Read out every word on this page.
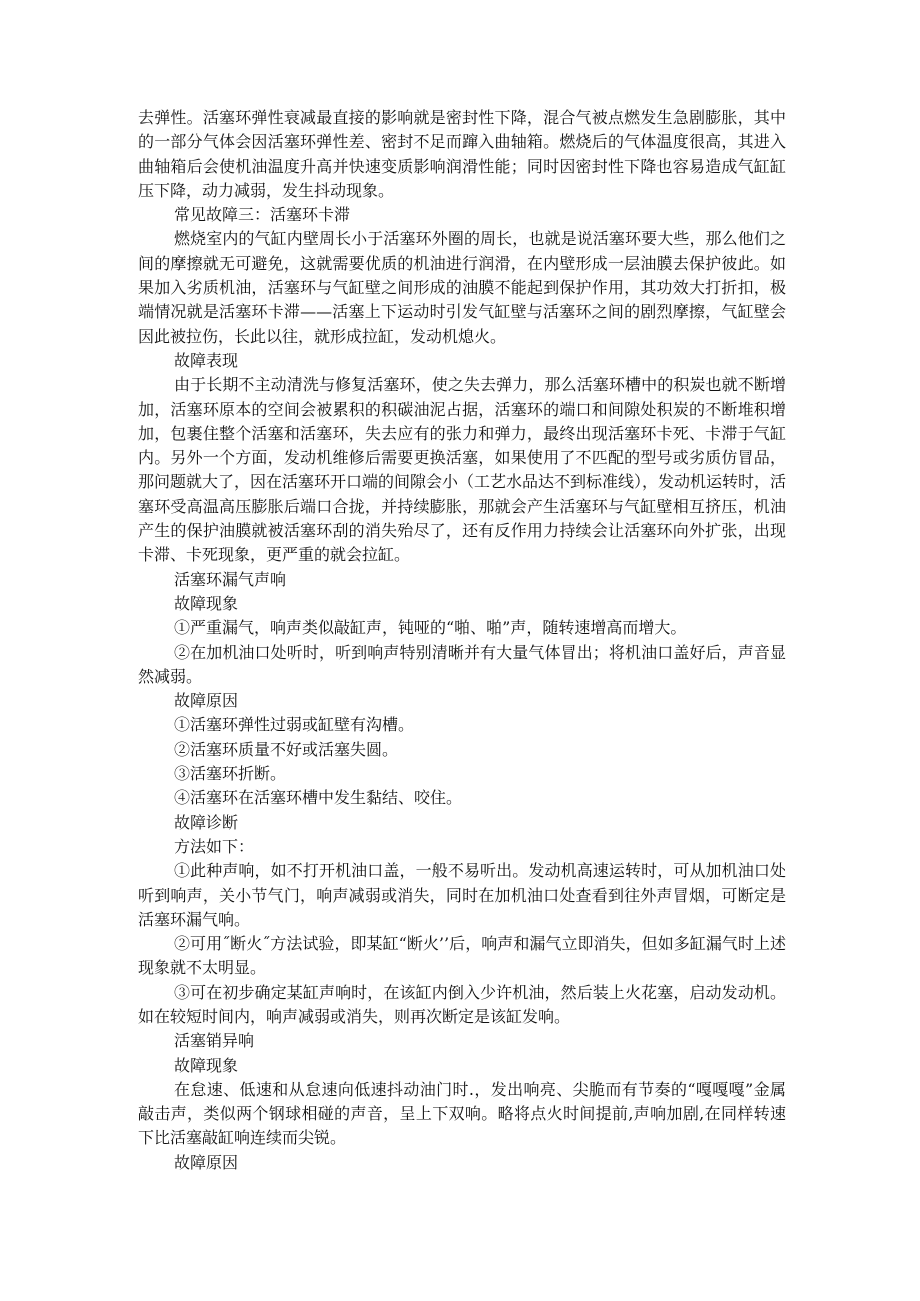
去弹性。活塞环弹性衰减最直接的影响就是密封性下降，混合气被点燃发生急剧膨胀，其中的一部分气体会因活塞环弹性差、密封不足而蹿入曲轴箱。燃烧后的气体温度很高，其进入曲轴箱后会使机油温度升高并快速变质影响润滑性能；同时因密封性下降也容易造成气缸缸压下降，动力减弱，发生抖动现象。

常见故障三：活塞环卡滞

燃烧室内的气缸内壁周长小于活塞环外圈的周长，也就是说活塞环要大些，那么他们之间的摩擦就无可避免，这就需要优质的机油进行润滑，在内壁形成一层油膜去保护彼此。如果加入劣质机油，活塞环与气缸壁之间形成的油膜不能起到保护作用，其功效大打折扣，极端情况就是活塞环卡滞——活塞上下运动时引发气缸壁与活塞环之间的剧烈摩擦，气缸壁会因此被拉伤，长此以往，就形成拉缸，发动机熄火。

故障表现

由于长期不主动清洗与修复活塞环，使之失去弹力，那么活塞环槽中的积炭也就不断增加，活塞环原本的空间会被累积的积碳油泥占据，活塞环的端口和间隙处积炭的不断堆积增加，包裹住整个活塞和活塞环，失去应有的张力和弹力，最终出现活塞环卡死、卡滞于气缸内。另外一个方面，发动机维修后需要更换活塞，如果使用了不匹配的型号或劣质仿冒品，那问题就大了，因在活塞环开口端的间隙会小（工艺水品达不到标准线），发动机运转时，活塞环受高温高压膨胀后端口合拢，并持续膨胀，那就会产生活塞环与气缸壁相互挤压，机油产生的保护油膜就被活塞环刮的消失殆尽了，还有反作用力持续会让活塞环向外扩张，出现卡滞、卡死现象，更严重的就会拉缸。

活塞环漏气声响

故障现象

①严重漏气，响声类似敲缸声，钝哑的“啪、啪”声，随转速增高而增大。

②在加机油口处听时，听到响声特别清晰并有大量气体冒出；将机油口盖好后，声音显然减弱。

故障原因

①活塞环弹性过弱或缸壁有沟槽。

②活塞环质量不好或活塞失圆。

③活塞环折断。

④活塞环在活塞环槽中发生黏结、咬住。

故障诊断

方法如下：

①此种声响，如不打开机油口盖，一般不易听出。发动机高速运转时，可从加机油口处听到响声，关小节气门，响声减弱或消失，同时在加机油口处查看到往外声冒烟，可断定是活塞环漏气响。

②可用˝断火˝方法试验，即某缸“断火’’后，响声和漏气立即消失，但如多缸漏气时上述现象就不太明显。

③可在初步确定某缸声响时，在该缸内倒入少许机油，然后装上火花塞，启动发动机。如在较短时间内，响声减弱或消失，则再次断定是该缸发响。

活塞销异响

故障现象

在怠速、低速和从怠速向低速抖动油门时.，发出响亮、尖脆而有节奏的“嘎嘎嘎”金属敲击声，类似两个钢球相碰的声音，呈上下双响。略将点火时间提前,声响加剧,在同样转速下比活塞敲缸响连续而尖锐。

故障原因
